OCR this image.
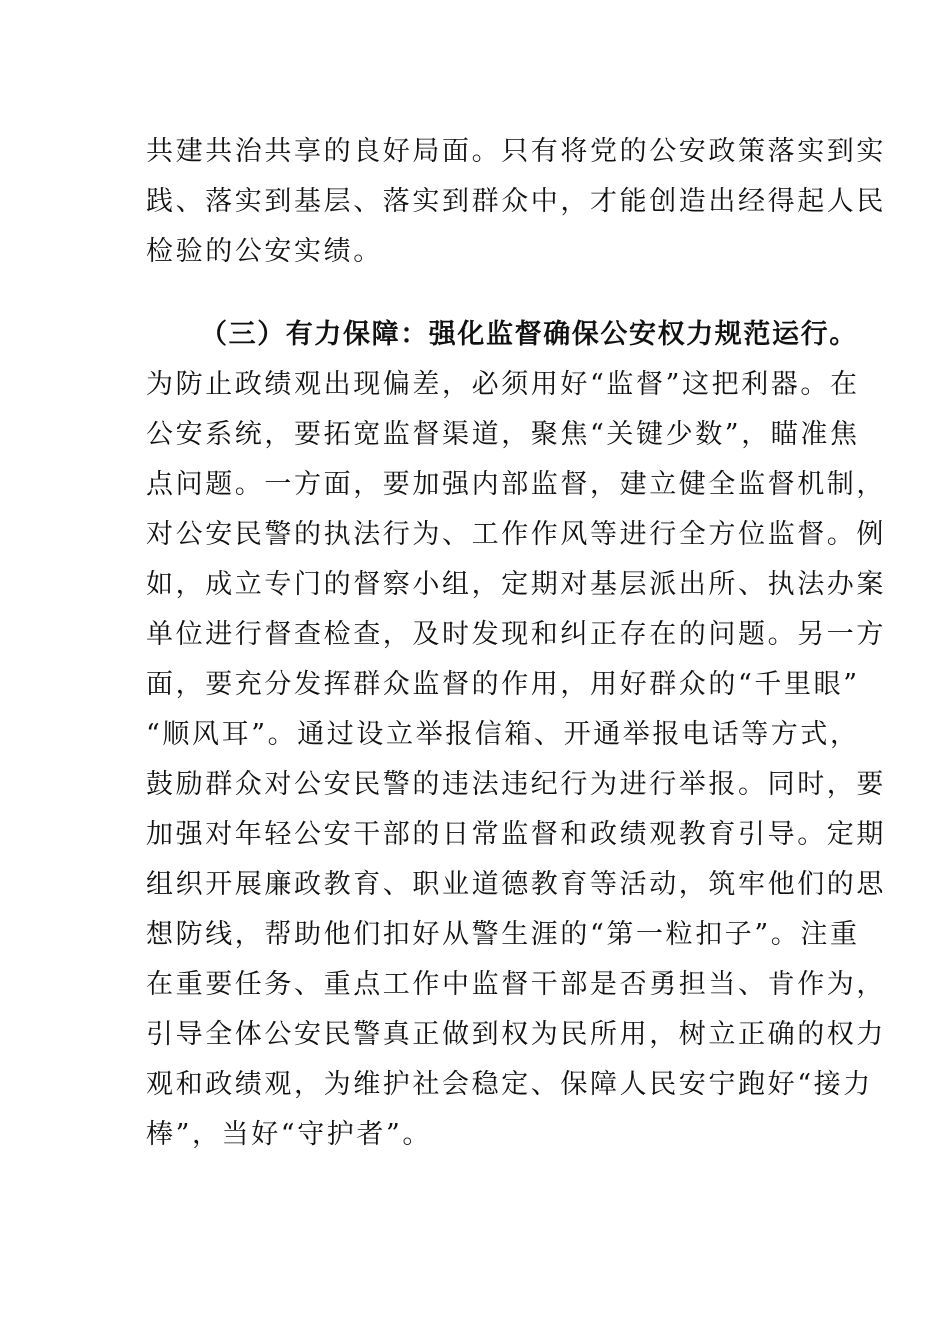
共建共治共享的良好局面。只有将党的公安政策落实到实
践、落实到基层、落实到群众中，才能创造出经得起人民
检验的公安实绩。
（三）有力保障：强化监督确保公安权力规范运行。
为防止政绩观出现偏差，必须用好“监督”这把利器。在
公安系统，要拓宽监督渠道，聚焦“关键少数”，瞄准焦
点问题。一方面，要加强内部监督，建立健全监督机制，
对公安民警的执法行为、工作作风等进行全方位监督。例
如，成立专门的督察小组，定期对基层派出所、执法办案
单位进行督查检查，及时发现和纠正存在的问题。另一方
面，要充分发挥群众监督的作用，用好群众的“千里眼”
“顺风耳”。通过设立举报信箱、开通举报电话等方式，
鼓励群众对公安民警的违法违纪行为进行举报。同时，要
加强对年轻公安干部的日常监督和政绩观教育引导。定期
组织开展廉政教育、职业道德教育等活动，筑牢他们的思
想防线，帮助他们扣好从警生涯的“第一粒扣子”。注重
在重要任务、重点工作中监督干部是否勇担当、肯作为，
引导全体公安民警真正做到权为民所用，树立正确的权力
观和政绩观，为维护社会稳定、保障人民安宁跑好“接力
棒”，当好“守护者”。
